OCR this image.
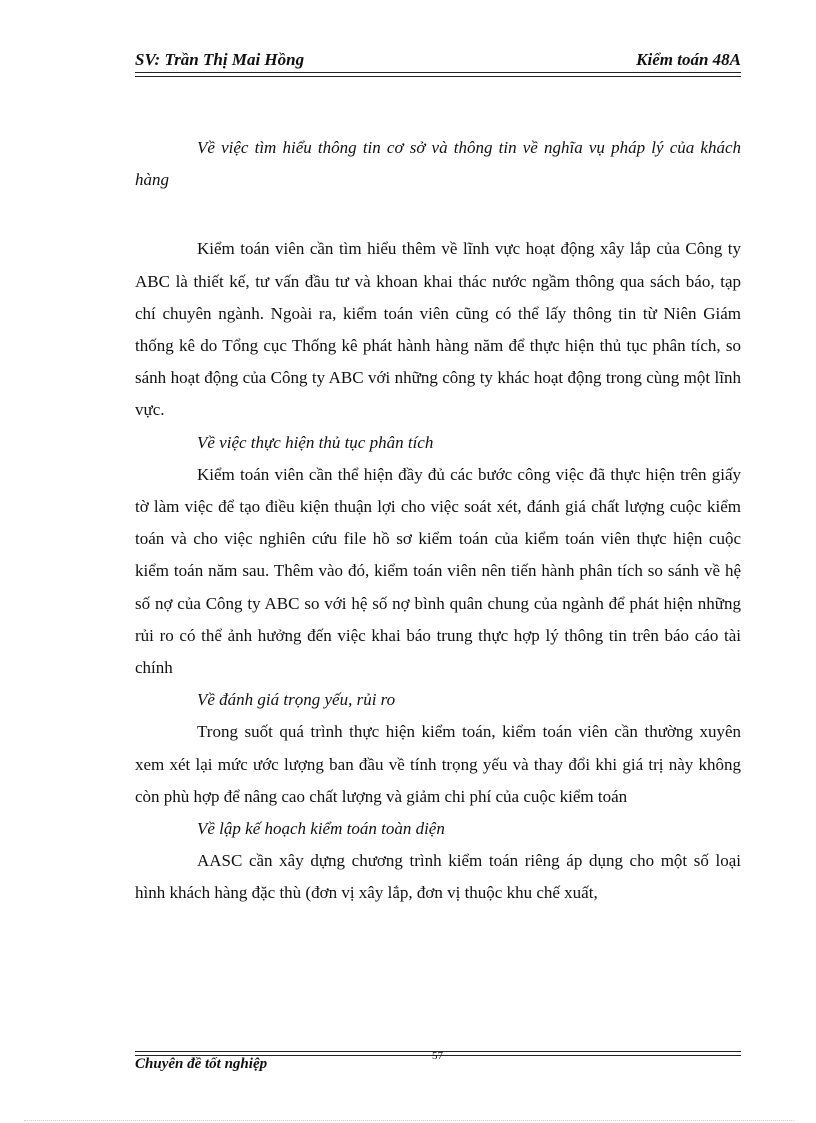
SV: Trần Thị Mai Hồng	Kiểm toán 48A

Về việc tìm hiểu thông tin cơ sở và thông tin về nghĩa vụ pháp lý của khách hàng

Kiểm toán viên cần tìm hiểu thêm về lĩnh vực hoạt động xây lắp của Công ty ABC là thiết kế, tư vấn đầu tư và khoan khai thác nước ngầm thông qua sách báo, tạp chí chuyên ngành. Ngoài ra, kiểm toán viên cũng có thể lấy thông tin từ Niên Giám thống kê do Tổng cục Thống kê phát hành hàng năm để thực hiện thủ tục phân tích, so sánh hoạt động của Công ty ABC với những công ty khác hoạt động trong cùng một lĩnh vực.

Về việc thực hiện thủ tục phân tích

Kiểm toán viên cần thể hiện đầy đủ các bước công việc đã thực hiện trên giấy tờ làm việc để tạo điều kiện thuận lợi cho việc soát xét, đánh giá chất lượng cuộc kiểm toán và cho việc nghiên cứu file hồ sơ kiểm toán của kiểm toán viên thực hiện cuộc kiểm toán năm sau. Thêm vào đó, kiểm toán viên nên tiến hành phân tích so sánh về hệ số nợ của Công ty ABC so với hệ số nợ bình quân chung của ngành để phát hiện những rủi ro có thể ảnh hưởng đến việc khai báo trung thực hợp lý thông tin trên báo cáo tài chính

Về đánh giá trọng yếu, rủi ro

Trong suốt quá trình thực hiện kiểm toán, kiểm toán viên cần thường xuyên xem xét lại mức ước lượng ban đầu về tính trọng yếu và thay đổi khi giá trị này không còn phù hợp để nâng cao chất lượng và giảm chi phí của cuộc kiểm toán

Về lập kế hoạch kiểm toán toàn diện

AASC cần xây dựng chương trình kiểm toán riêng áp dụng cho một số loại hình khách hàng đặc thù (đơn vị xây lắp, đơn vị thuộc khu chế xuất,

57
Chuyên đề tốt nghiệp
